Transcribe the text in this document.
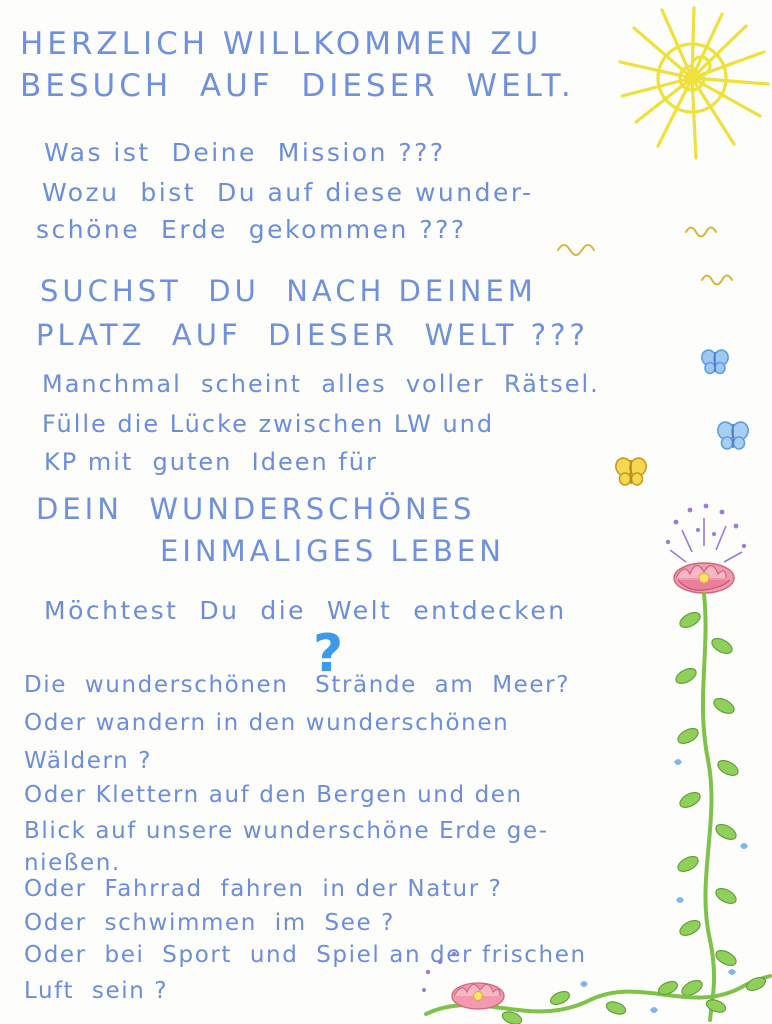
?
HERZLICH WILLKOMMEN ZU
BESUCH  AUF  DIESER  WELT.
Was ist  Deine  Mission ???
Wozu  bist  Du auf diese wunder-
schöne  Erde  gekommen ???
SUCHST  DU  NACH DEINEM
PLATZ  AUF  DIESER  WELT ???
Manchmal  scheint  alles  voller  Rätsel.
Fülle die Lücke zwischen LW und
KP mit  guten  Ideen für
DEIN  WUNDERSCHÖNES
EINMALIGES LEBEN
Möchtest  Du  die  Welt  entdecken
Die  wunderschönen   Strände  am  Meer?
Oder wandern in den wunderschönen
Wäldern ?
Oder Klettern auf den Bergen und den
Blick auf unsere wunderschöne Erde ge-
nießen.
Oder  Fahrrad  fahren  in der Natur ?
Oder  schwimmen  im  See ?
Oder  bei  Sport  und  Spiel an der frischen
Luft  sein ?
